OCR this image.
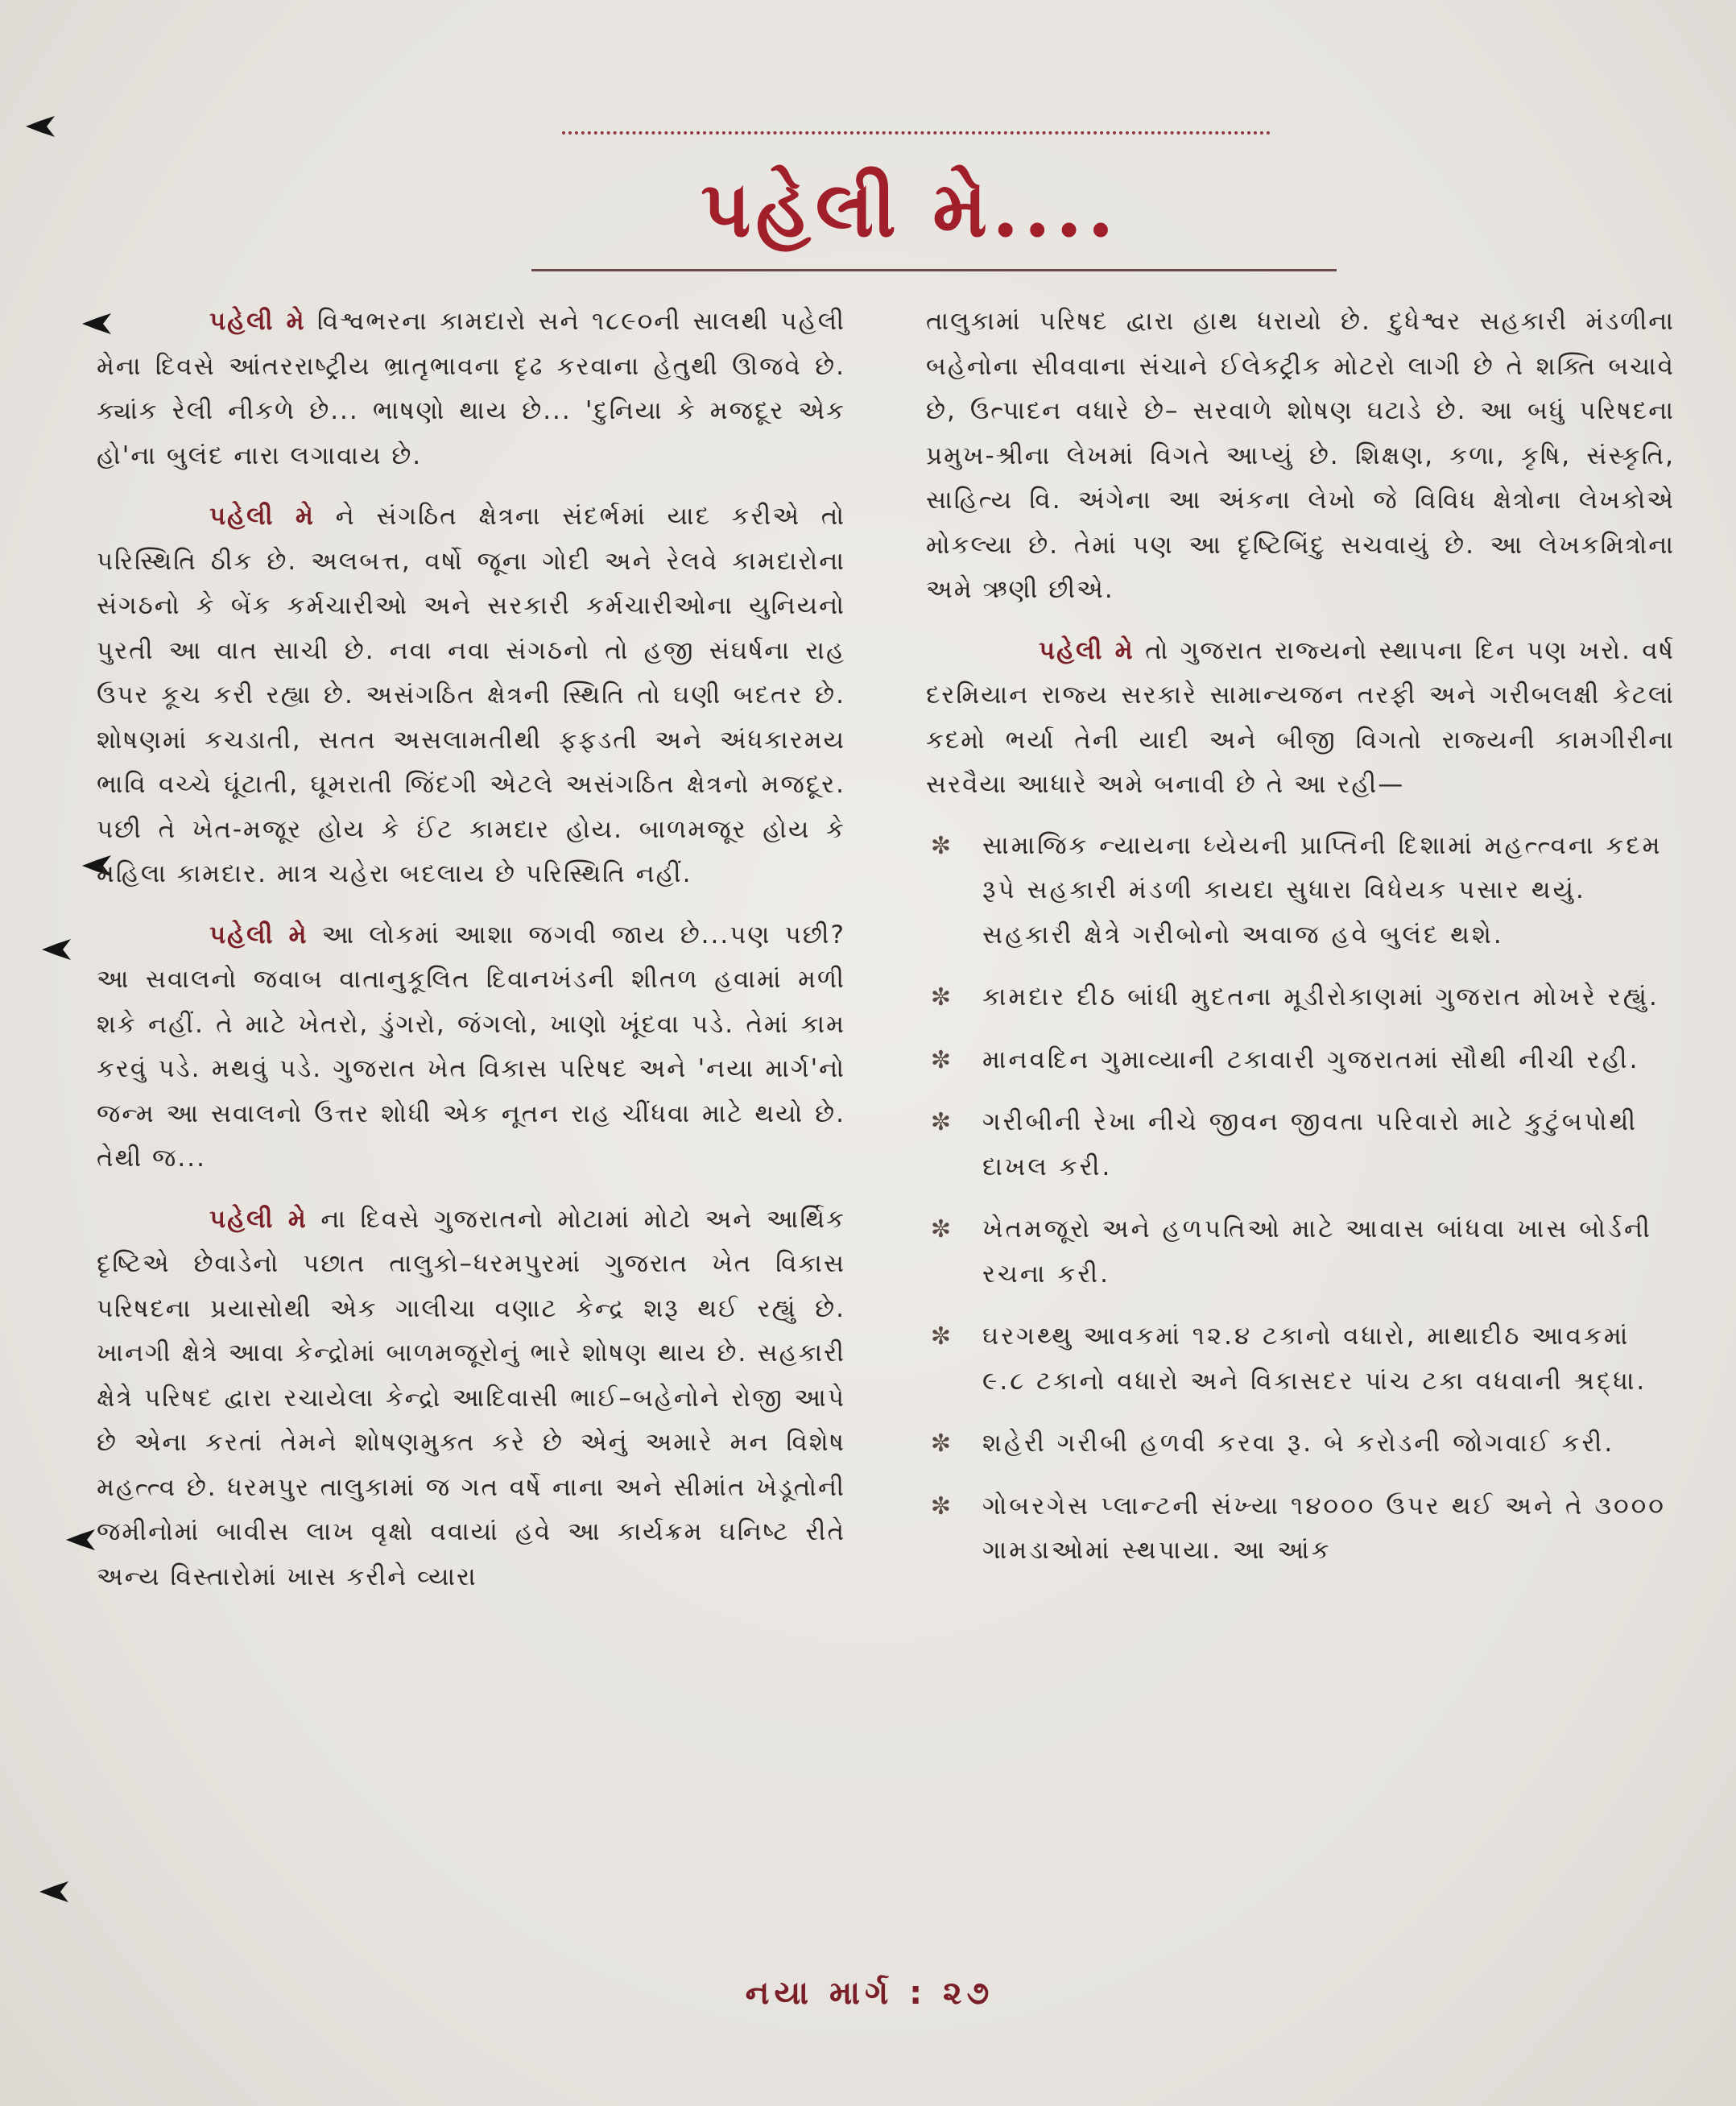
પહેલી મે....

પહેલી મે વિશ્વભરના કામદારો સને ૧૮૯૦ની સાલથી પહેલી મેના દિવસે આંતરરાષ્ટ્રીય ભ્રાતૃભાવના દૃઢ કરવાના હેતુથી ઊજવે છે. ક્યાંક રેલી નીકળે છે... ભાષણો થાય છે... 'દુનિયા કે મજદૂર એક હો'ના બુલંદ નારા લગાવાય છે.

પહેલી મે ને સંગઠિત ક્ષેત્રના સંદર્ભમાં યાદ કરીએ તો પરિસ્થિતિ ઠીક છે. અલબત્ત, વર્ષો જૂના ગોદી અને રેલવે કામદારોના સંગઠનો કે બેંક કર્મચારીઓ અને સરકારી કર્મચારીઓના યુનિયનો પુરતી આ વાત સાચી છે. નવા નવા સંગઠનો તો હજી સંઘર્ષના રાહ ઉપર કૂચ કરી રહ્યા છે. અસંગઠિત ક્ષેત્રની સ્થિતિ તો ઘણી બદતર છે. શોષણમાં કચડાતી, સતત અસલામતીથી ફફડતી અને અંધકારમય ભાવિ વચ્ચે ઘૂંટાતી, ઘૂમરાતી જિંદગી એટલે અસંગઠિત ક્ષેત્રનો મજદૂર. પછી તે ખેત-મજૂર હોય કે ઈંટ કામદાર હોય. બાળમજૂર હોય કે મહિલા કામદાર. માત્ર ચહેરા બદલાય છે પરિસ્થિતિ નહીં.

પહેલી મે આ લોકમાં આશા જગવી જાય છે...પણ પછી? આ સવાલનો જવાબ વાતાનુકૂલિત દિવાનખંડની શીતળ હવામાં મળી શકે નહીં. તે માટે ખેતરો, ડુંગરો, જંગલો, ખાણો ખૂંદવા પડે. તેમાં કામ કરવું પડે. મથવું પડે. ગુજરાત ખેત વિકાસ પરિષદ અને 'નયા માર્ગ'નો જન્મ આ સવાલનો ઉત્તર શોધી એક નૂતન રાહ ચીંધવા માટે થયો છે. તેથી જ...

પહેલી મે ના દિવસે ગુજરાતનો મોટામાં મોટો અને આર્થિક દૃષ્ટિએ છેવાડેનો પછાત તાલુકો–ધરમપુરમાં ગુજરાત ખેત વિકાસ પરિષદના પ્રયાસોથી એક ગાલીચા વણાટ કેન્દ્ર શરૂ થઈ રહ્યું છે. ખાનગી ક્ષેત્રે આવા કેન્દ્રોમાં બાળમજૂરોનું ભારે શોષણ થાય છે. સહકારી ક્ષેત્રે પરિષદ દ્વારા રચાયેલા કેન્દ્રો આદિવાસી ભાઈ–બહેનોને રોજી આપે છે એના કરતાં તેમને શોષણમુક્ત કરે છે એનું અમારે મન વિશેષ મહત્ત્વ છે. ધરમપુર તાલુકામાં જ ગત વર્ષે નાના અને સીમાંત ખેડૂતોની જમીનોમાં બાવીસ લાખ વૃક્ષો વવાયાં હવે આ કાર્યક્રમ ઘનિષ્ટ રીતે અન્ય વિસ્તારોમાં ખાસ કરીને વ્યારા

તાલુકામાં પરિષદ દ્વારા હાથ ધરાયો છે. દુધેશ્વર સહકારી મંડળીના બહેનોના સીવવાના સંચાને ઈલેક્ટ્રીક મોટરો લાગી છે તે શક્તિ બચાવે છે, ઉત્પાદન વધારે છે– સરવાળે શોષણ ઘટાડે છે. આ બધું પરિષદના પ્રમુખ-શ્રીના લેખમાં વિગતે આપ્યું છે. શિક્ષણ, કળા, કૃષિ, સંસ્કૃતિ, સાહિત્ય વિ. અંગેના આ અંકના લેખો જે વિવિધ ક્ષેત્રોના લેખકોએ મોકલ્યા છે. તેમાં પણ આ દૃષ્ટિબિંદુ સચવાયું છે. આ લેખકમિત્રોના અમે ઋણી છીએ.

પહેલી મે તો ગુજરાત રાજ્યનો સ્થાપના દિન પણ ખરો. વર્ષ દરમિયાન રાજ્ય સરકારે સામાન્યજન તરફી અને ગરીબલક્ષી કેટલાં કદમો ભર્યા તેની યાદી અને બીજી વિગતો રાજ્યની કામગીરીના સરવૈયા આધારે અમે બનાવી છે તે આ રહી—

✼ સામાજિક ન્યાયના ધ્યેયની પ્રાપ્તિની દિશામાં મહત્ત્વના કદમ રૂપે સહકારી મંડળી કાયદા સુધારા વિધેયક પસાર થયું. સહકારી ક્ષેત્રે ગરીબોનો અવાજ હવે બુલંદ થશે.
✼ કામદાર દીઠ બાંધી મુદતના મૂડીરોકાણમાં ગુજરાત મોખરે રહ્યું.
✼ માનવદિન ગુમાવ્યાની ટકાવારી ગુજરાતમાં સૌથી નીચી રહી.
✼ ગરીબીની રેખા નીચે જીવન જીવતા પરિવારો માટે કુટુંબપોથી દાખલ કરી.
✼ ખેતમજૂરો અને હળપતિઓ માટે આવાસ બાંધવા ખાસ બોર્ડની રચના કરી.
✼ ઘરગથ્થુ આવકમાં ૧૨.૪ ટકાનો વધારો, માથાદીઠ આવકમાં ૯.૮ ટકાનો વધારો અને વિકાસદર પાંચ ટકા વધવાની શ્રદ્ધા.
✼ શહેરી ગરીબી હળવી કરવા રૂ. બે કરોડની જોગવાઈ કરી.
✼ ગોબરગેસ પ્લાન્ટની સંખ્યા ૧૪૦૦૦ ઉપર થઈ અને તે ૩૦૦૦ ગામડાઓમાં સ્થપાયા. આ આંક
નયા માર્ગ : ૨૭
